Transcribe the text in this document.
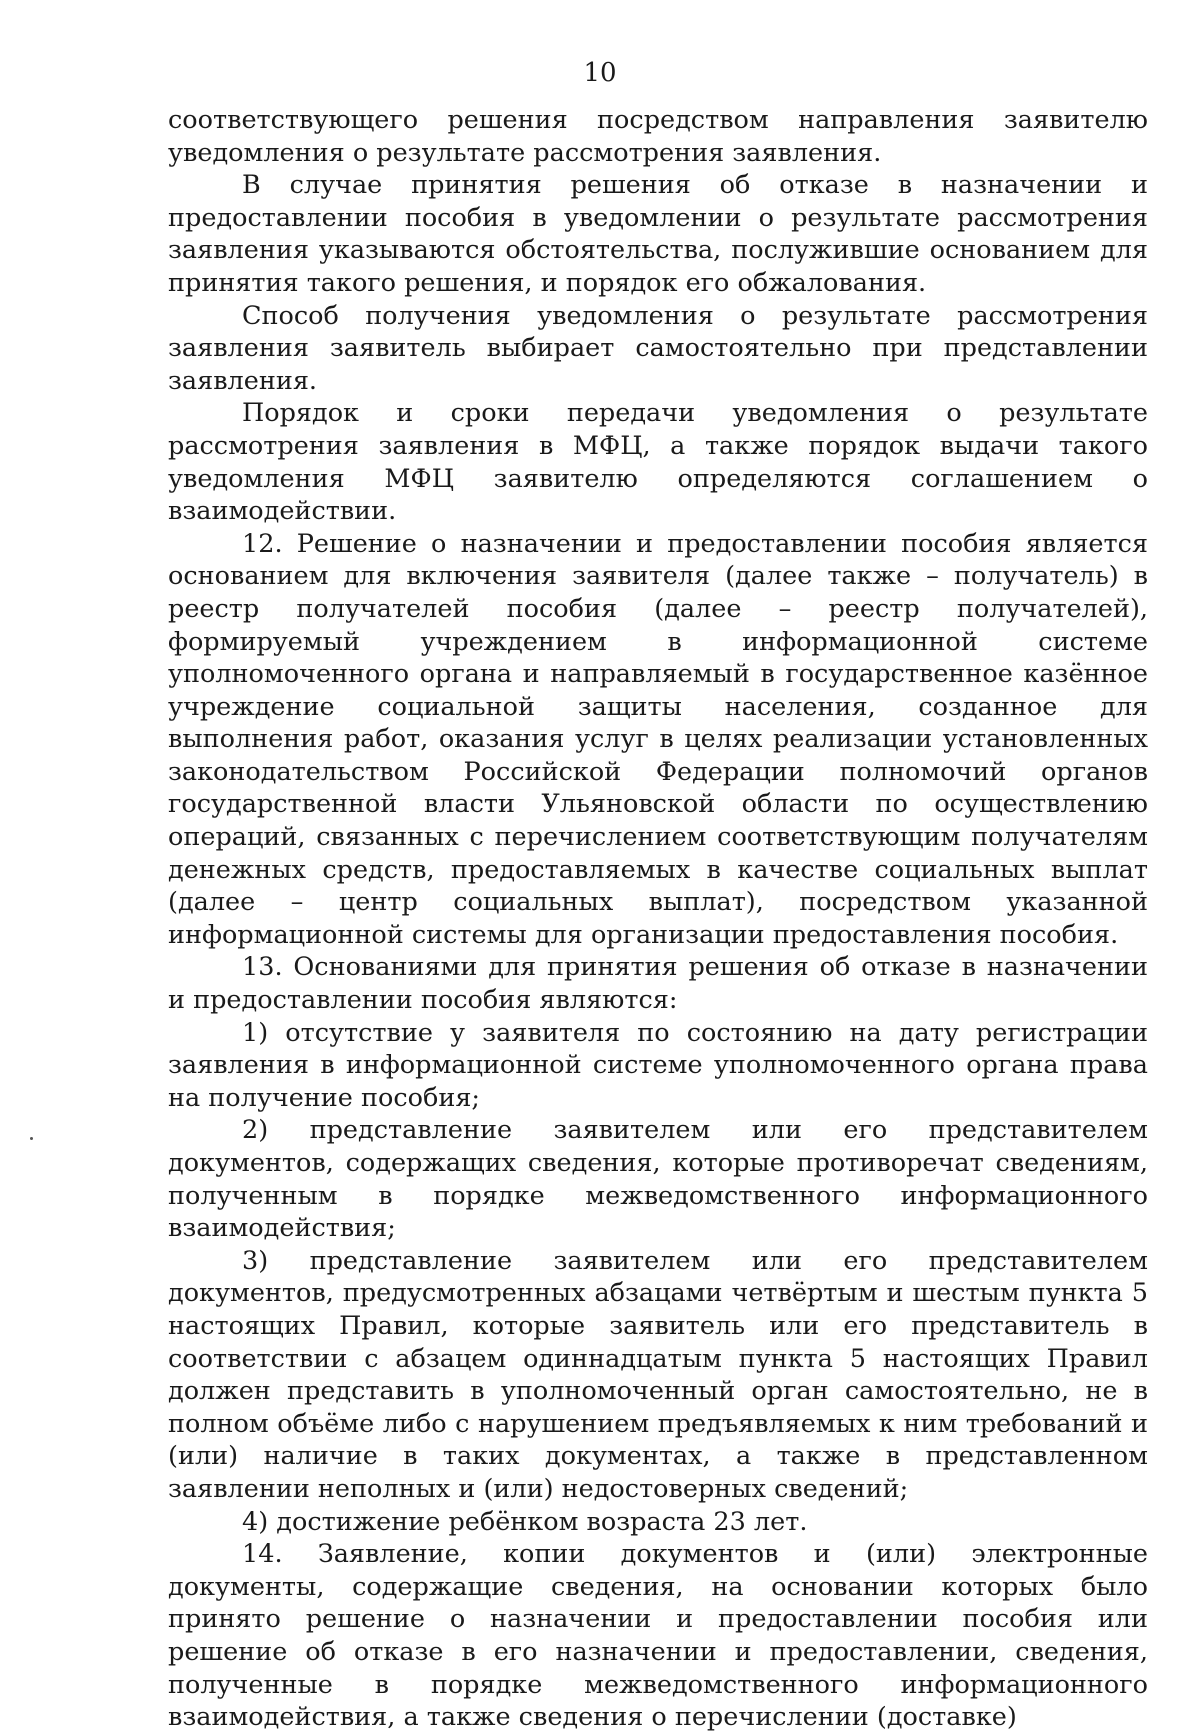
10

соответствующего решения посредством направления заявителю уведомления о результате рассмотрения заявления.

В случае принятия решения об отказе в назначении и предоставлении пособия в уведомлении о результате рассмотрения заявления указываются обстоятельства, послужившие основанием для принятия такого решения, и порядок его обжалования.

Способ получения уведомления о результате рассмотрения заявления заявитель выбирает самостоятельно при представлении заявления.

Порядок и сроки передачи уведомления о результате рассмотрения заявления в МФЦ, а также порядок выдачи такого уведомления МФЦ заявителю определяются соглашением о взаимодействии.

12. Решение о назначении и предоставлении пособия является основанием для включения заявителя (далее также – получатель) в реестр получателей пособия (далее – реестр получателей), формируемый учреждением в информационной системе уполномоченного органа и направляемый в государственное казённое учреждение социальной защиты населения, созданное для выполнения работ, оказания услуг в целях реализации установленных законодательством Российской Федерации полномочий органов государственной власти Ульяновской области по осуществлению операций, связанных с перечислением соответствующим получателям денежных средств, предоставляемых в качестве социальных выплат (далее – центр социальных выплат), посредством указанной информационной системы для организации предоставления пособия.

13. Основаниями для принятия решения об отказе в назначении и предоставлении пособия являются:

1) отсутствие у заявителя по состоянию на дату регистрации заявления в информационной системе уполномоченного органа права на получение пособия;

2) представление заявителем или его представителем документов, содержащих сведения, которые противоречат сведениям, полученным в порядке межведомственного информационного взаимодействия;

3) представление заявителем или его представителем документов, предусмотренных абзацами четвёртым и шестым пункта 5 настоящих Правил, которые заявитель или его представитель в соответствии с абзацем одиннадцатым пункта 5 настоящих Правил должен представить в уполномоченный орган самостоятельно, не в полном объёме либо с нарушением предъявляемых к ним требований и (или) наличие в таких документах, а также в представленном заявлении неполных и (или) недостоверных сведений;

4) достижение ребёнком возраста 23 лет.

14. Заявление, копии документов и (или) электронные документы, содержащие сведения, на основании которых было принято решение о назначении и предоставлении пособия или решение об отказе в его назначении и предоставлении, сведения, полученные в порядке межведомственного информационного взаимодействия, а также сведения о перечислении (доставке)
